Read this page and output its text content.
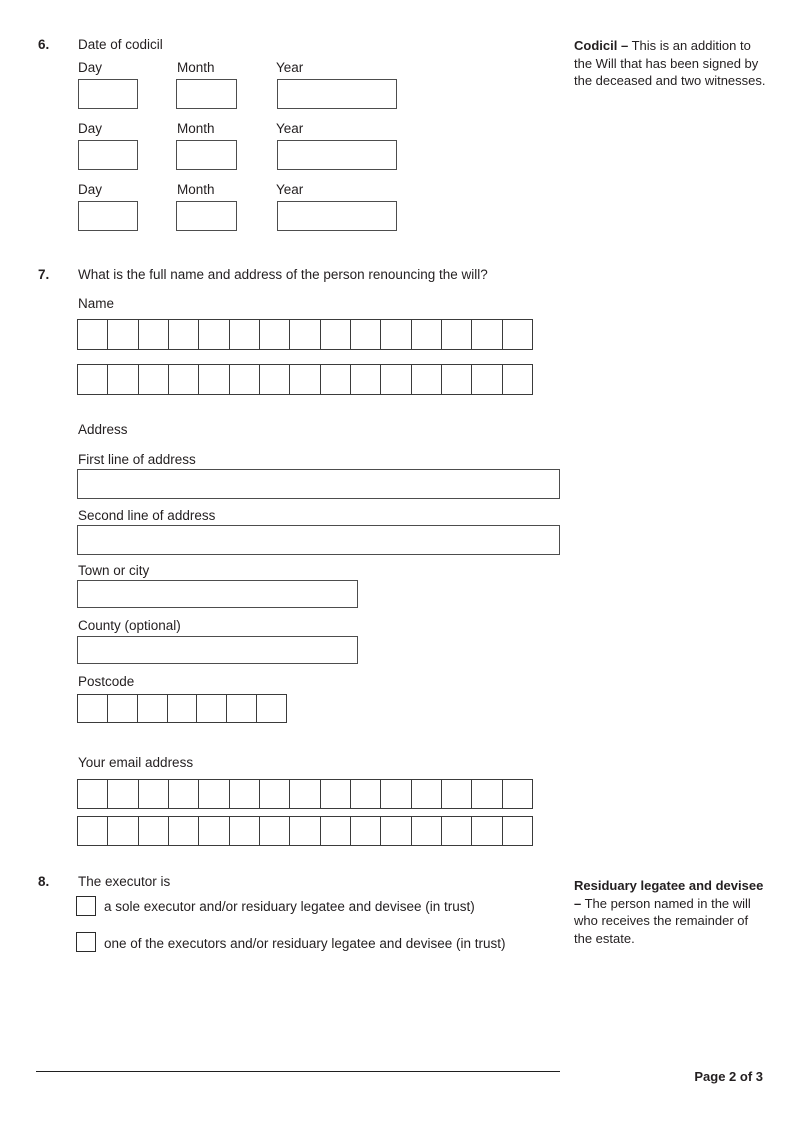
6. Date of codicil
Day	Month	Year
Day	Month	Year
Day	Month	Year
Codicil – This is an addition to the Will that has been signed by the deceased and two witnesses.
7. What is the full name and address of the person renouncing the will?
Name
Address
First line of address
Second line of address
Town or city
County (optional)
Postcode
Your email address
8. The executor is
a sole executor and/or residuary legatee and devisee (in trust)
one of the executors and/or residuary legatee and devisee (in trust)
Residuary legatee and devisee – The person named in the will who receives the remainder of the estate.
Page 2 of 3
